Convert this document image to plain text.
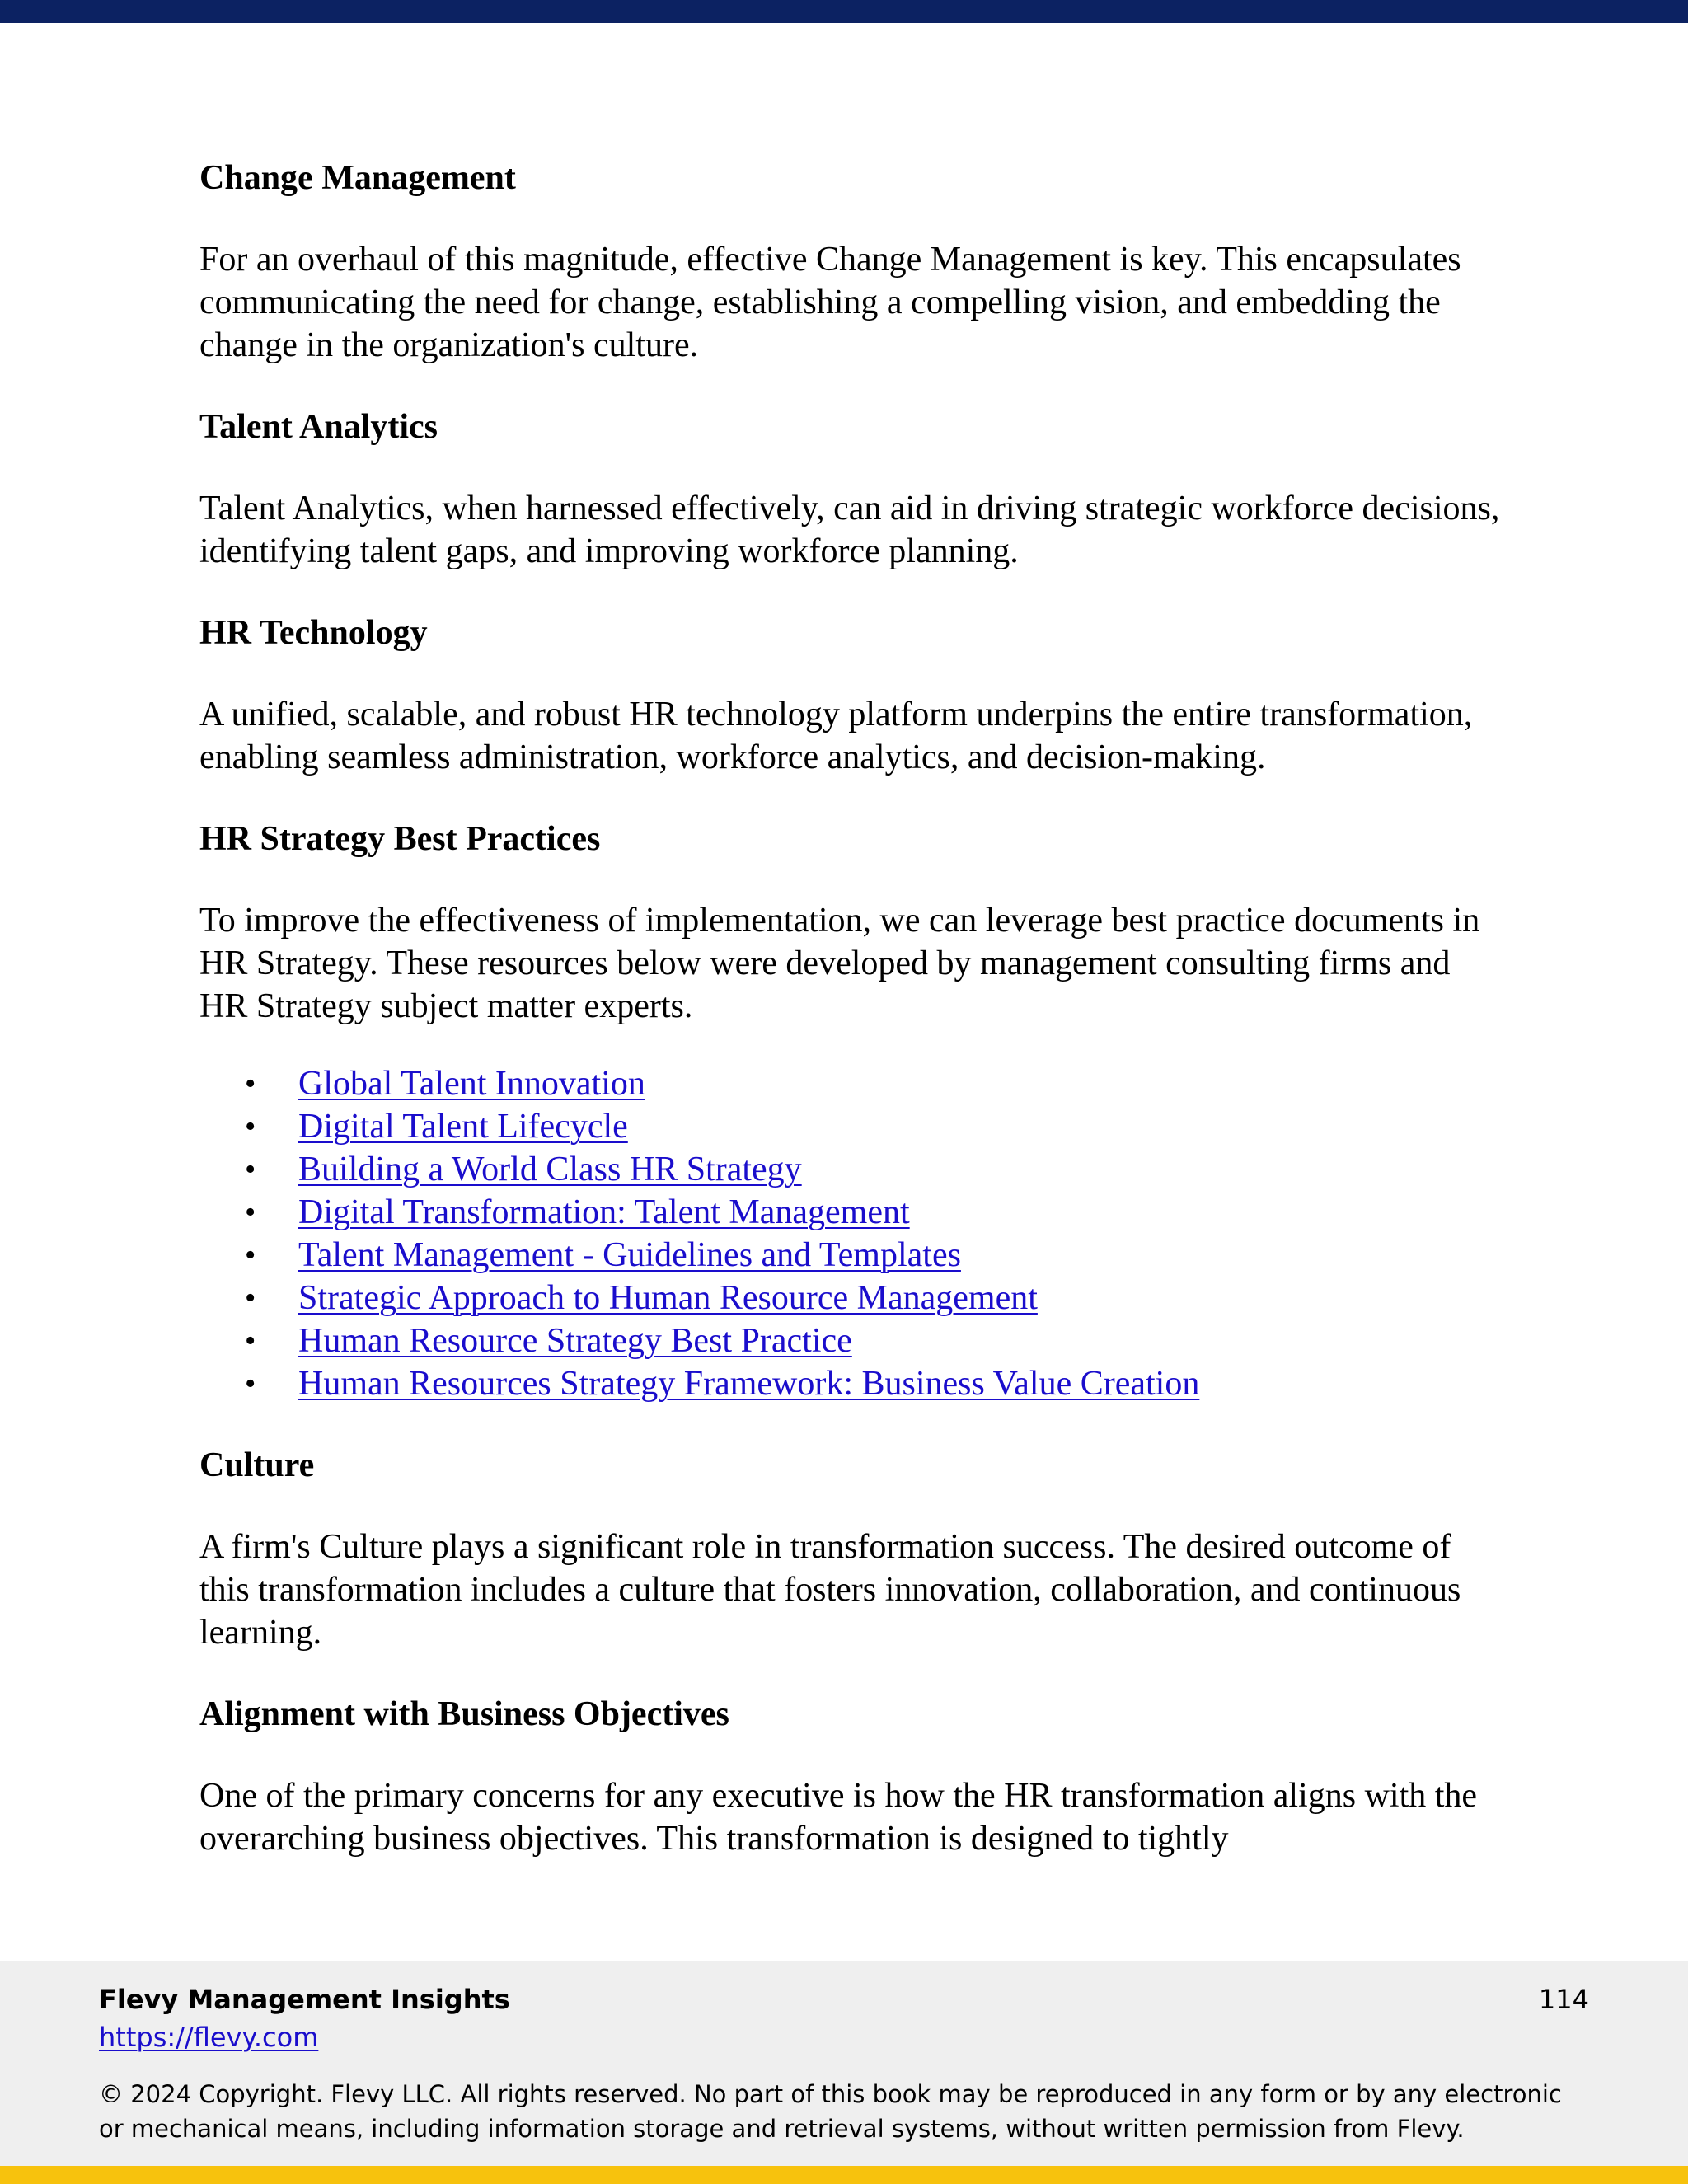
Change Management
For an overhaul of this magnitude, effective Change Management is key. This encapsulates communicating the need for change, establishing a compelling vision, and embedding the change in the organization's culture.
Talent Analytics
Talent Analytics, when harnessed effectively, can aid in driving strategic workforce decisions, identifying talent gaps, and improving workforce planning.
HR Technology
A unified, scalable, and robust HR technology platform underpins the entire transformation, enabling seamless administration, workforce analytics, and decision-making.
HR Strategy Best Practices
To improve the effectiveness of implementation, we can leverage best practice documents in HR Strategy. These resources below were developed by management consulting firms and HR Strategy subject matter experts.
• Global Talent Innovation
• Digital Talent Lifecycle
• Building a World Class HR Strategy
• Digital Transformation: Talent Management
• Talent Management - Guidelines and Templates
• Strategic Approach to Human Resource Management
• Human Resource Strategy Best Practice
• Human Resources Strategy Framework: Business Value Creation
Culture
A firm's Culture plays a significant role in transformation success. The desired outcome of this transformation includes a culture that fosters innovation, collaboration, and continuous learning.
Alignment with Business Objectives
One of the primary concerns for any executive is how the HR transformation aligns with the overarching business objectives. This transformation is designed to tightly
Flevy Management Insights
https://flevy.com
114
© 2024 Copyright. Flevy LLC. All rights reserved. No part of this book may be reproduced in any form or by any electronic or mechanical means, including information storage and retrieval systems, without written permission from Flevy.
